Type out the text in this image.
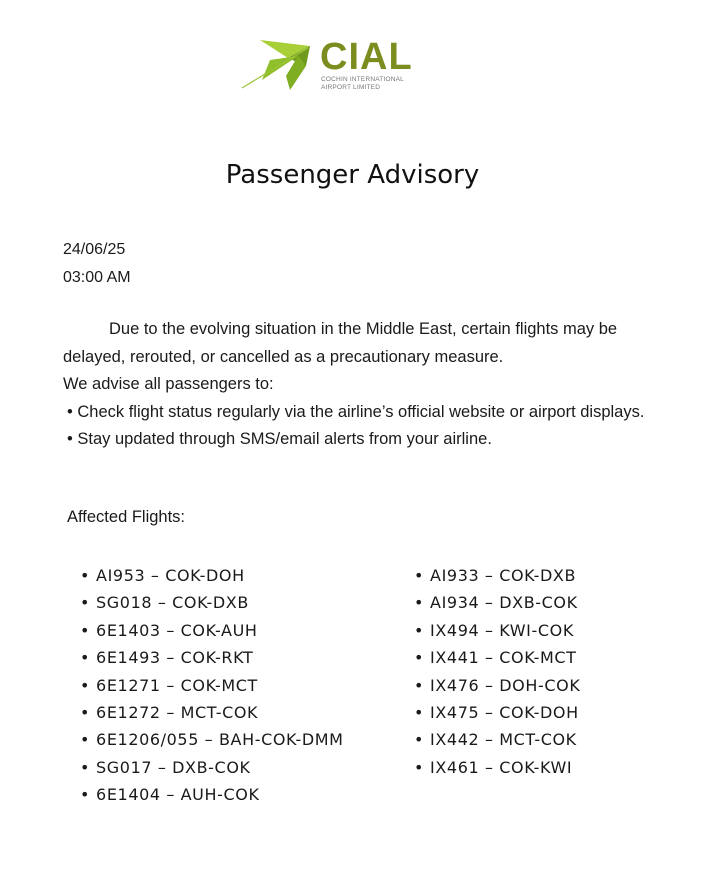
CIAL
COCHIN INTERNATIONAL
AIRPORT LIMITED
Passenger Advisory
24/06/25
03:00 AM

Due to the evolving situation in the Middle East, certain flights may be delayed, rerouted, or cancelled as a precautionary measure.

We advise all passengers to:

• Check flight status regularly via the airline’s official website or airport displays.

• Stay updated through SMS/email alerts from your airline.

Affected Flights:
• AI953 – COK-DOH
• SG018 – COK-DXB
• 6E1403 – COK-AUH
• 6E1493 – COK-RKT
• 6E1271 – COK-MCT
• 6E1272 – MCT-COK
• 6E1206/055 – BAH-COK-DMM
• SG017 – DXB-COK
• 6E1404 – AUH-COK
• AI933 – COK-DXB
• AI934 – DXB-COK
• IX494 – KWI-COK
• IX441 – COK-MCT
• IX476 – DOH-COK
• IX475 – COK-DOH
• IX442 – MCT-COK
• IX461 – COK-KWI
